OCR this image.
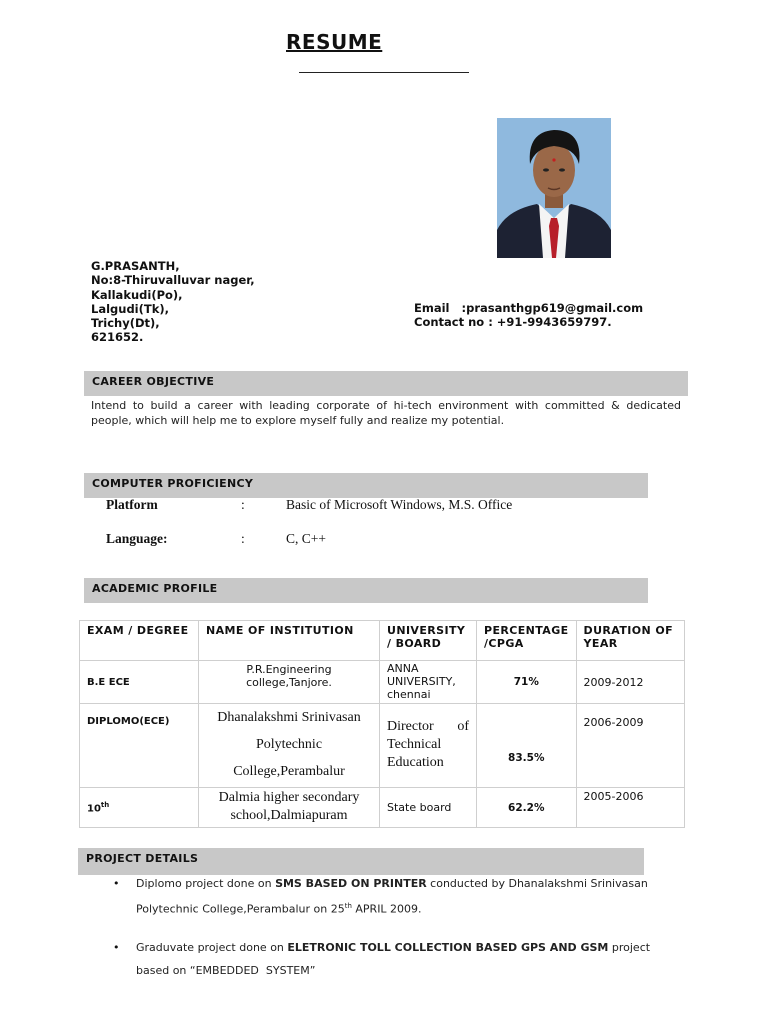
RESUME
G.PRASANTH,
No:8-Thiruvalluvar nager,
Kallakudi(Po),
Lalgudi(Tk),
Trichy(Dt),
621652.
Email   :prasanthgp619@gmail.com
Contact no : +91-9943659797.
CAREER OBJECTIVE
Intend to build a career with leading corporate of hi-tech environment with committed & dedicated people, which will help me to explore myself fully and realize my potential.
COMPUTER PROFICIENCY
Platform	:	Basic of Microsoft Windows, M.S. Office
Language:	:	C, C++
ACADEMIC PROFILE
EXAM / DEGREE	NAME OF INSTITUTION	UNIVERSITY / BOARD	PERCENTAGE /CPGA	DURATION OF YEAR
B.E ECE	P.R.Engineering college,Tanjore.	ANNA UNIVERSITY, chennai	71%	2009-2012
DIPLOMO(ECE)	Dhanalakshmi Srinivasan
Polytechnic
College,Perambalur	Director of Technical Education	83.5%	2006-2009
10th	Dalmia higher secondary school,Dalmiapuram	State board	62.2%	2005-2006
PROJECT DETAILS
• Diplomo project done on SMS BASED ON PRINTER conducted by Dhanalakshmi Srinivasan
Polytechnic College,Perambalur on 25th APRIL 2009.
• Graduvate project done on ELETRONIC TOLL COLLECTION BASED GPS AND GSM project
based on “EMBEDDED  SYSTEM”
